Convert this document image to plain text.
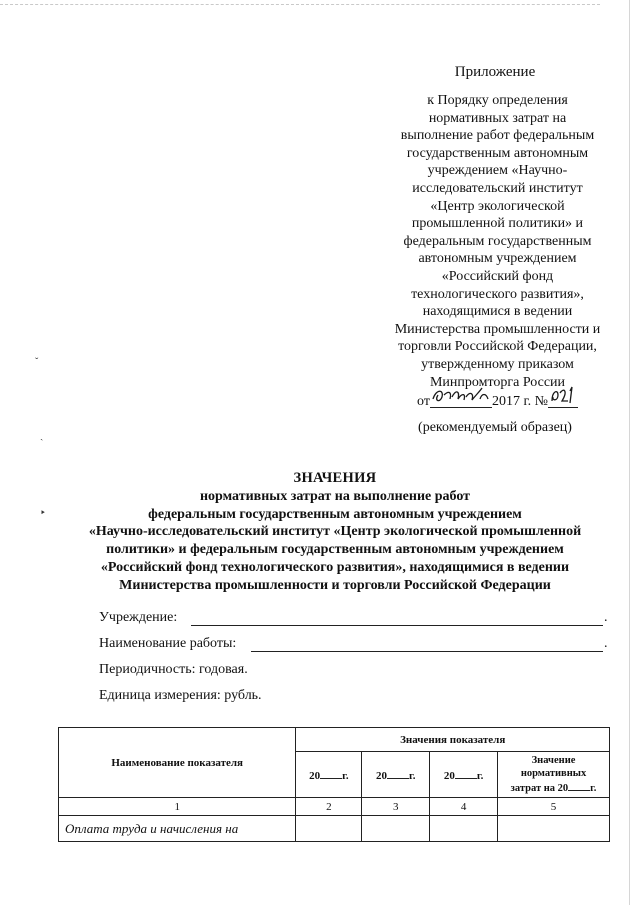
Приложение
к Порядку определения
нормативных затрат на
выполнение работ федеральным
государственным автономным
учреждением «Научно-
исследовательский институт
«Центр экологической
промышленной политики» и
федеральным государственным
автономным учреждением
«Российский фонд
технологического развития»,
находящимися в ведении
Министерства промышленности и
торговли Российской Федерации,
утвержденному приказом
Минпромторга России
от	2017 г. №
(рекомендуемый образец)
ˇ
ˎ
‣
ЗНАЧЕНИЯ
нормативных затрат на выполнение работ
федеральным государственным автономным учреждением
«Научно-исследовательский институт «Центр экологической промышленной
политики» и федеральным государственным автономным учреждением
«Российский фонд технологического развития», находящимися в ведении
Министерства промышленности и торговли Российской Федерации
Учреждение:	.
Наименование работы:	.
Периодичность: годовая.
Единица измерения: рубль.
Наименование показателя	Значения показателя			
	20 г.	20 г.	20 г.	Значение
нормативных
затрат на 20 г.
1	2	3	4	5
Оплата труда и начисления на				
